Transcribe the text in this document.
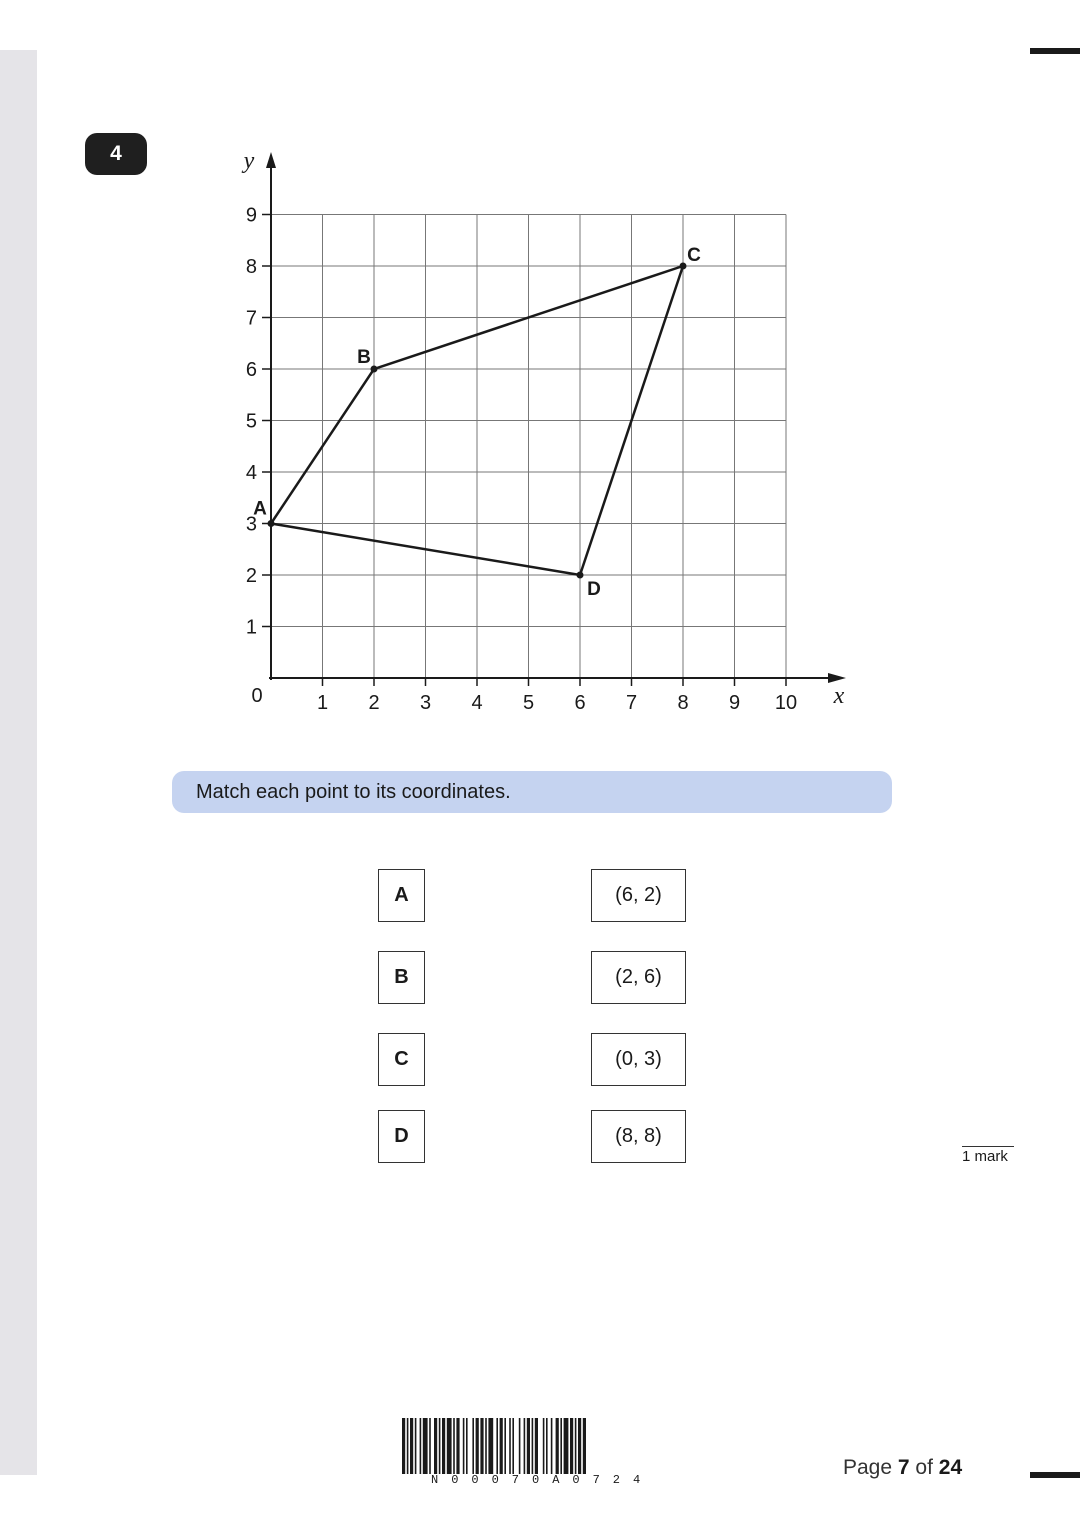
4
1 2 3 4 5 6 7 8 9 10
1
2
3
4
5
6
7
8
9
0	x
y
A
B
C
D
Match each point to its coordinates.
A
B
C
D
(6, 2)
(2, 6)
(0, 3)
(8, 8)
1 mark
N00070A0724
Page 7 of 24
